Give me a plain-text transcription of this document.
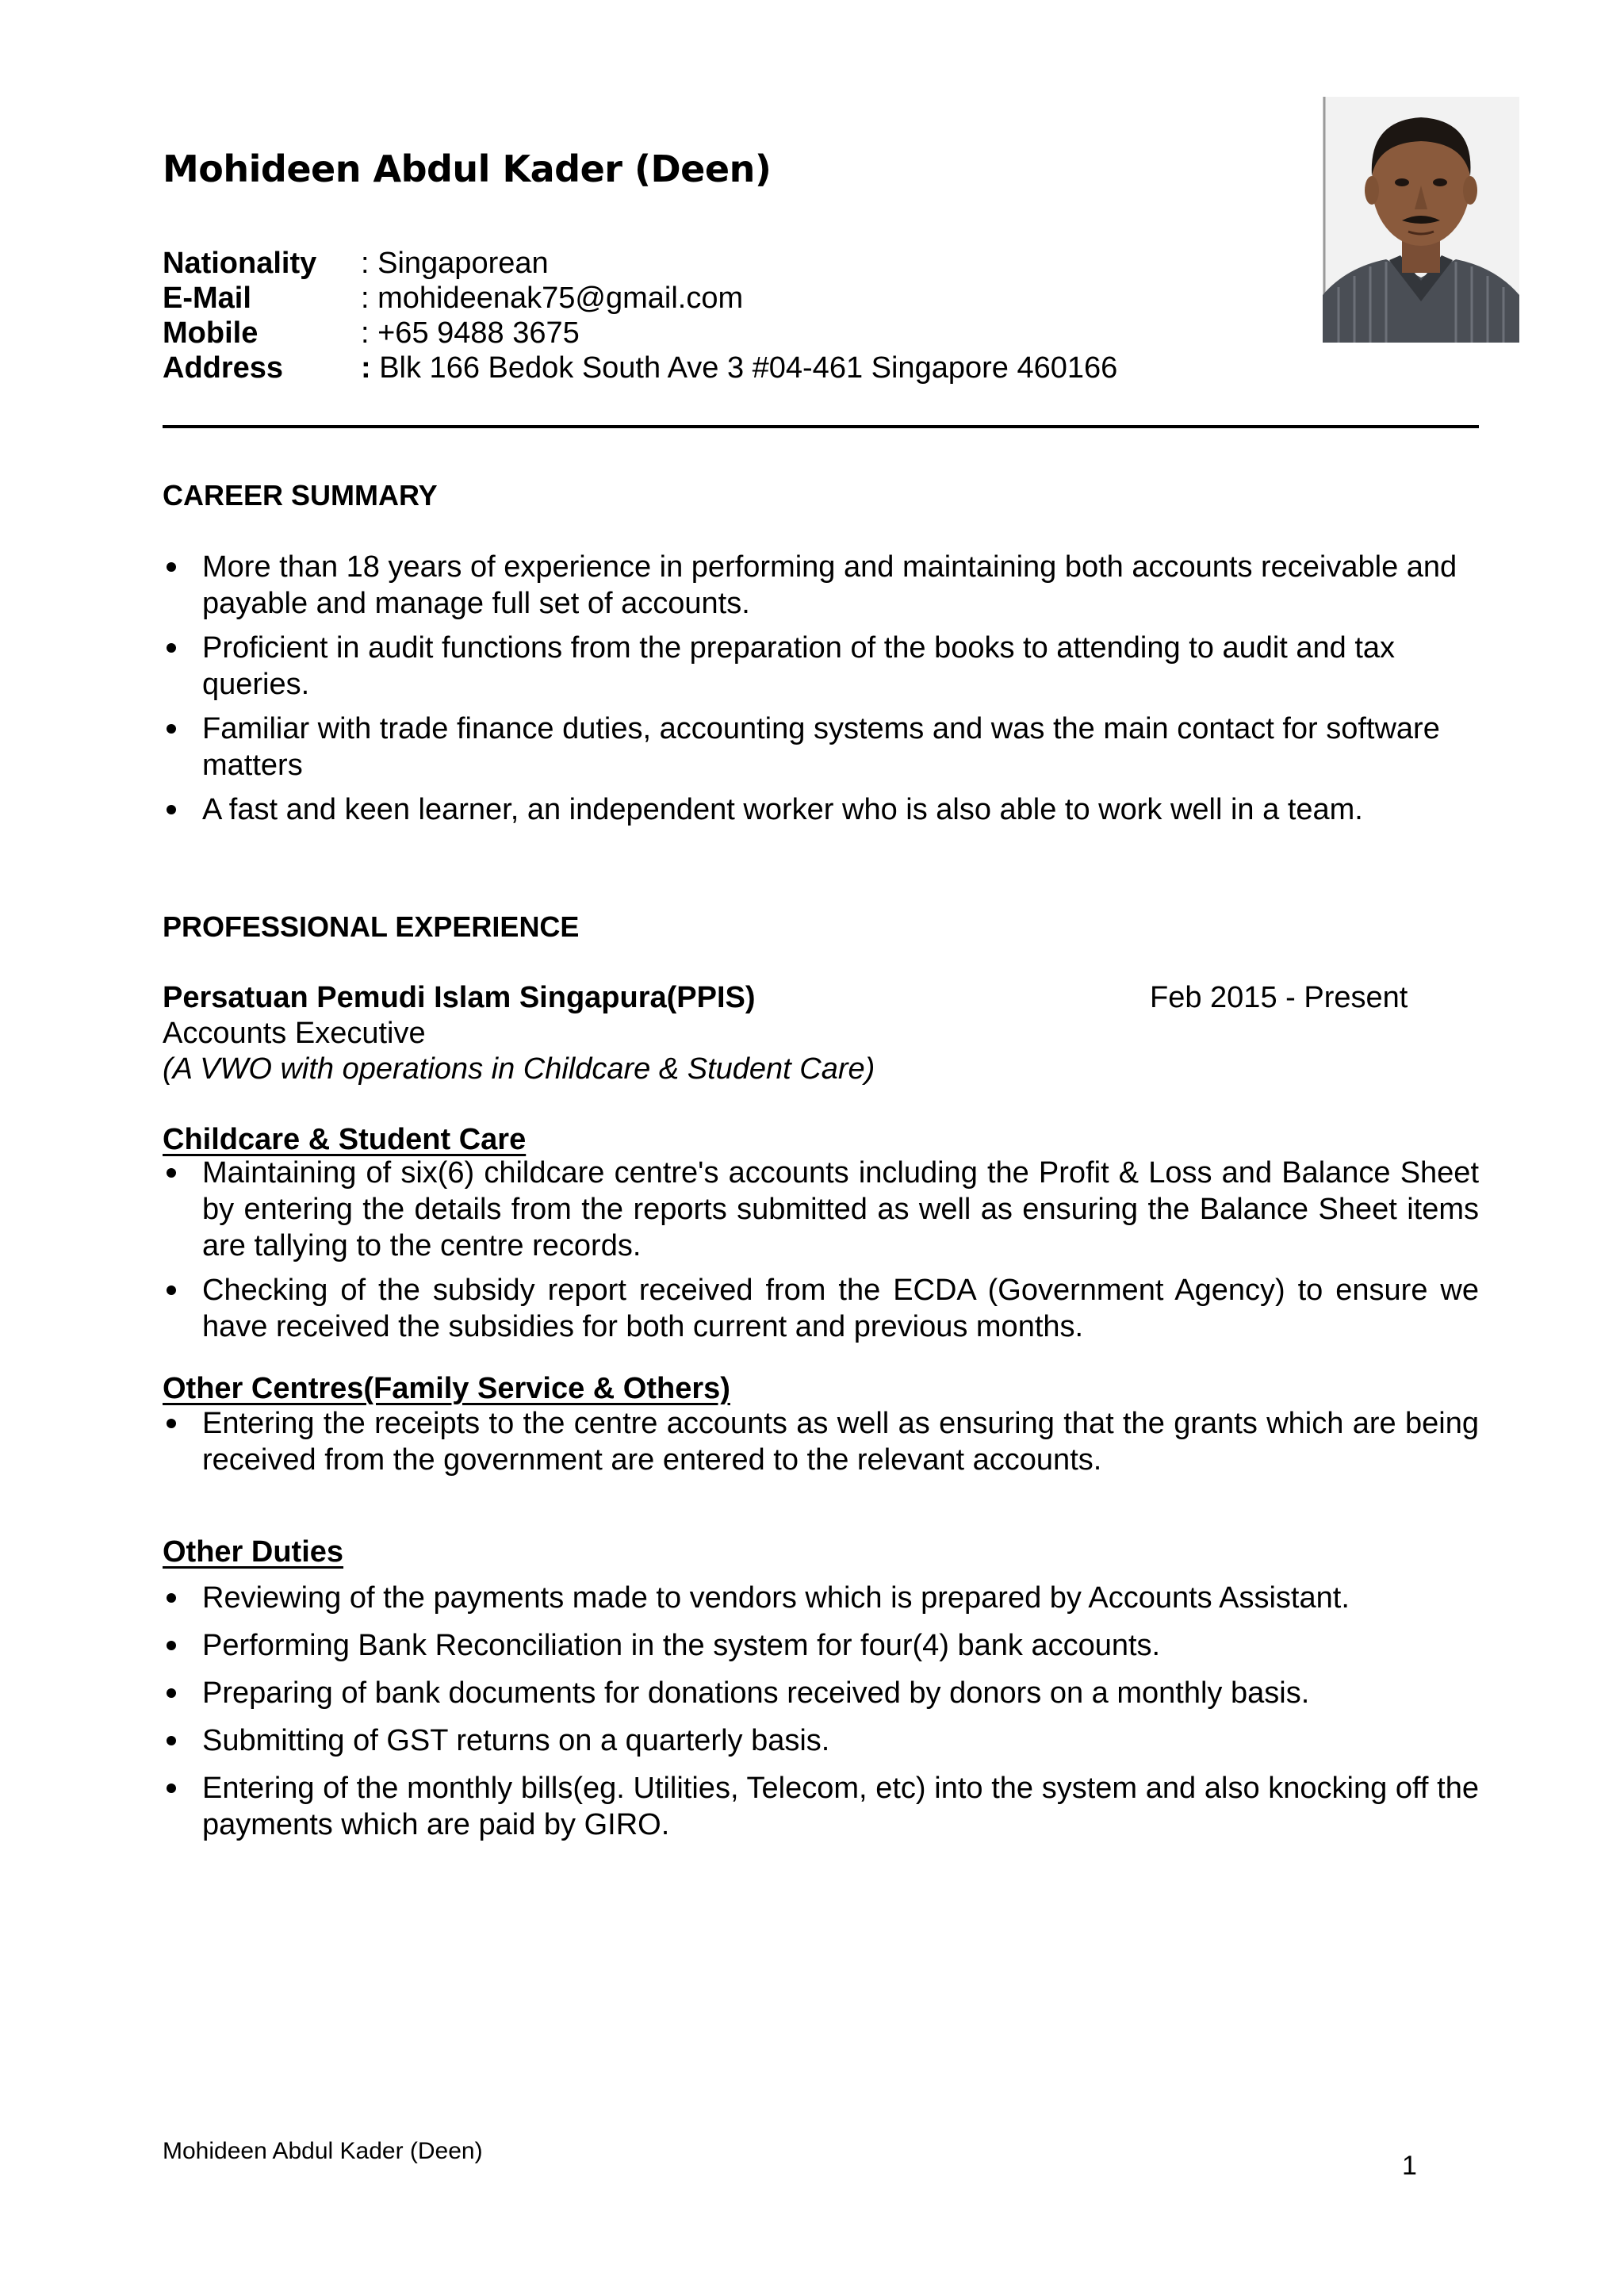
Mohideen Abdul Kader (Deen)
Nationality	: Singaporean
E-Mail	: mohideenak75@gmail.com
Mobile	: +65 9488 3675
Address	: Blk 166 Bedok South Ave 3 #04-461 Singapore 460166
CAREER SUMMARY
More than 18 years of experience in performing and maintaining both accounts receivable and payable and manage full set of accounts.
Proficient in audit functions from the preparation of the books to attending to audit and tax queries.
Familiar with trade finance duties, accounting systems and was the main contact for software matters
A fast and keen learner, an independent worker who is also able to work well in a team.
PROFESSIONAL EXPERIENCE
Persatuan Pemudi Islam Singapura(PPIS)	Feb 2015 - Present
Accounts Executive
(A VWO with operations in Childcare & Student Care)
Childcare & Student Care
Maintaining of six(6) childcare centre's accounts including the Profit & Loss and Balance Sheet by entering the details from the reports submitted as well as ensuring the Balance Sheet items are tallying to the centre records.
Checking of the subsidy report received from the ECDA (Government Agency) to ensure we have received the subsidies for both current and previous months.
Other Centres(Family Service & Others)
Entering the receipts to the centre accounts as well as ensuring that the grants which are being received from the government are entered to the relevant accounts.
Other Duties
Reviewing of the payments made to vendors which is prepared by Accounts Assistant.
Performing Bank Reconciliation in the system for four(4) bank accounts.
Preparing of bank documents for donations received by donors on a monthly basis.
Submitting of GST returns on a quarterly basis.
Entering of the monthly bills(eg. Utilities, Telecom, etc) into the system and also knocking off the payments which are paid by GIRO.
Mohideen Abdul Kader (Deen)	1
